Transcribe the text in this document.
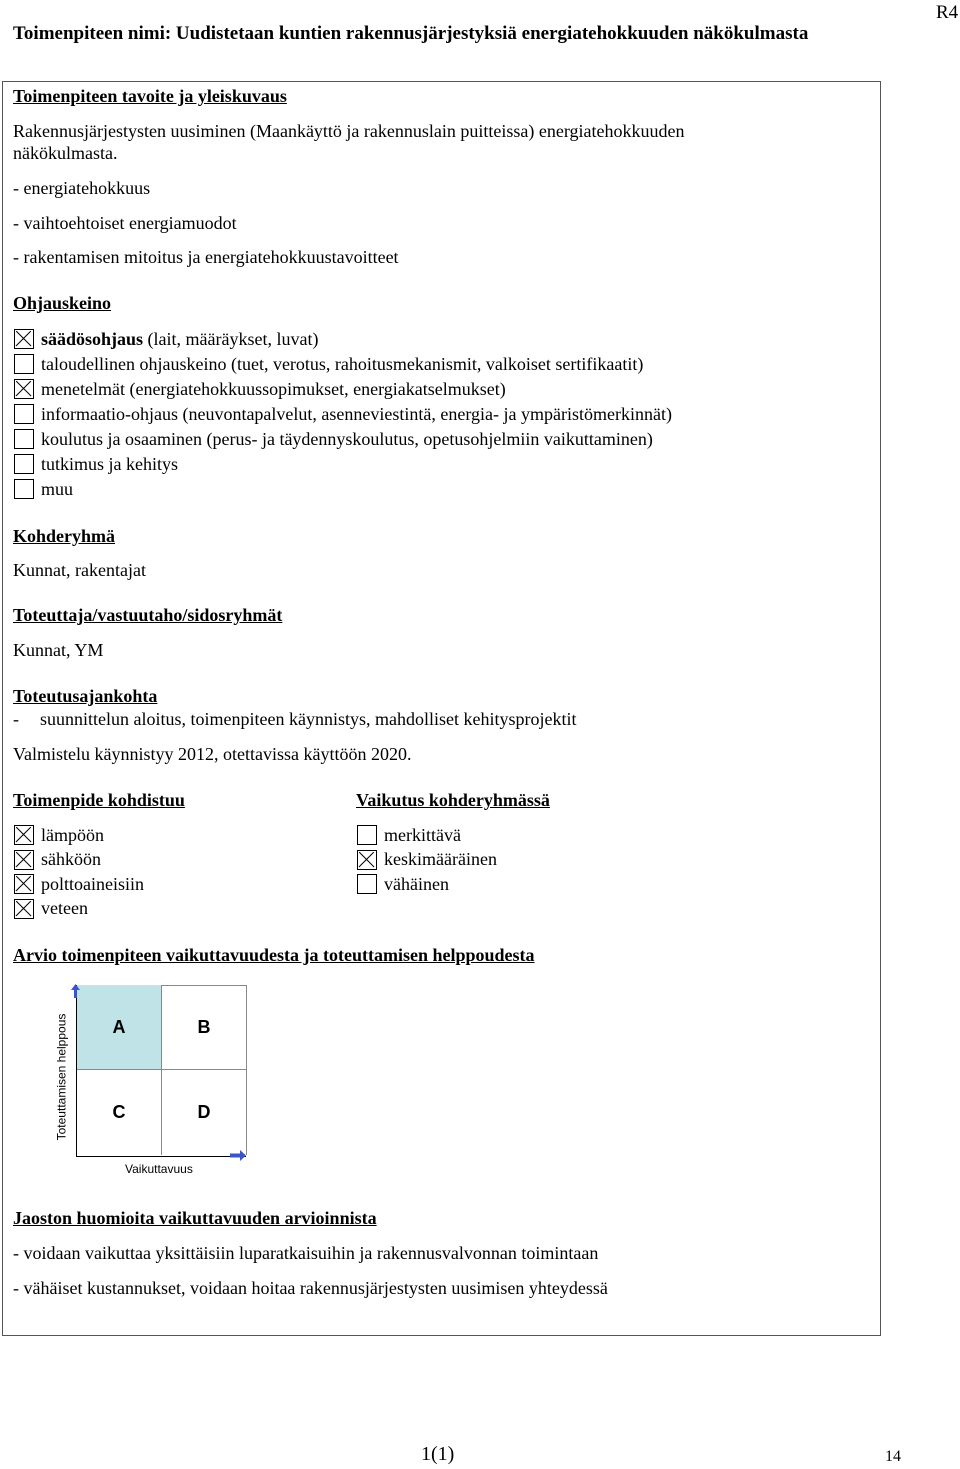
R4
Toimenpiteen nimi: Uudistetaan kuntien rakennusjärjestyksiä energiatehokkuuden näkökulmasta
Toimenpiteen tavoite ja yleiskuvaus
Rakennusjärjestysten uusiminen (Maankäyttö ja rakennuslain puitteissa) energiatehokkuuden
näkökulmasta.
- energiatehokkuus
- vaihtoehtoiset energiamuodot
- rakentamisen mitoitus ja energiatehokkuustavoitteet
Ohjauskeino
säädösohjaus (lait, määräykset, luvat)
taloudellinen ohjauskeino (tuet, verotus, rahoitusmekanismit, valkoiset sertifikaatit)
menetelmät (energiatehokkuussopimukset, energiakatselmukset)
informaatio-ohjaus (neuvontapalvelut, asenneviestintä, energia- ja ympäristömerkinnät)
koulutus ja osaaminen (perus- ja täydennyskoulutus, opetusohjelmiin vaikuttaminen)
tutkimus ja kehitys
muu
Kohderyhmä
Kunnat, rakentajat
Toteuttaja/vastuutaho/sidosryhmät
Kunnat, YM
Toteutusajankohta
- suunnittelun aloitus, toimenpiteen käynnistys, mahdolliset kehitysprojektit
Valmistelu käynnistyy 2012, otettavissa käyttöön 2020.
Toimenpide kohdistuu	Vaikutus kohderyhmässä
lämpöön
sähköön
polttoaineisiin
veteen
merkittävä
keskimääräinen
vähäinen
Arvio toimenpiteen vaikuttavuudesta ja toteuttamisen helppoudesta
A	B
C	D
Toteuttamisen helppous
Vaikuttavuus
Jaoston huomioita vaikuttavuuden arvioinnista
- voidaan vaikuttaa yksittäisiin luparatkaisuihin ja rakennusvalvonnan toimintaan
- vähäiset kustannukset, voidaan hoitaa rakennusjärjestysten uusimisen yhteydessä
1(1)	14
